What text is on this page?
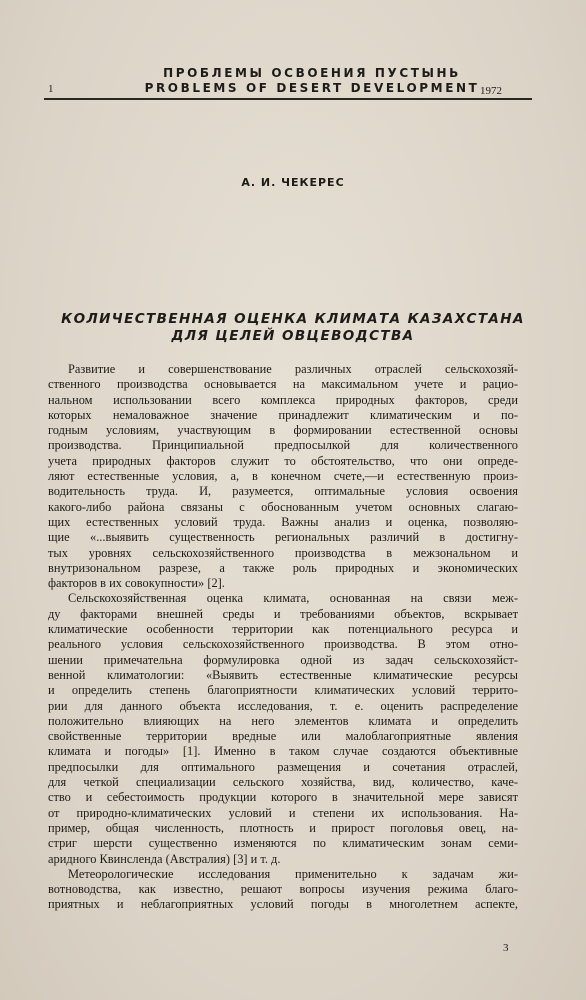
ПРОБЛЕМЫ ОСВОЕНИЯ ПУСТЫНЬ
1	PROBLEMS OF DESERT DEVELOPMENT 1972
А. И. ЧЕКЕРЕС
КОЛИЧЕСТВЕННАЯ ОЦЕНКА КЛИМАТА КАЗАХСТАНА
ДЛЯ ЦЕЛЕЙ ОВЦЕВОДСТВА
Развитие и совершенствование различных отраслей сельскохозяй-
ственного производства основывается на максимальном учете и рацио-
нальном использовании всего комплекса природных факторов, среди
которых немаловажное значение принадлежит климатическим и по-
годным условиям, участвующим в формировании естественной основы
производства. Принципиальной предпосылкой для количественного
учета природных факторов служит то обстоятельство, что они опреде-
ляют естественные условия, а, в конечном счете,—и естественную произ-
водительность труда. И, разумеется, оптимальные условия освоения
какого-либо района связаны с обоснованным учетом основных слагаю-
щих естественных условий труда. Важны анализ и оценка, позволяю-
щие «...выявить существенность региональных различий в достигну-
тых уровнях сельскохозяйственного производства в межзональном и
внутризональном разрезе, а также роль природных и экономических
факторов в их совокупности» [2].
Сельскохозяйственная оценка климата, основанная на связи меж-
ду факторами внешней среды и требованиями объектов, вскрывает
климатические особенности территории как потенциального ресурса и
реального условия сельскохозяйственного производства. В этом отно-
шении примечательна формулировка одной из задач сельскохозяйст-
венной климатологии: «Выявить естественные климатические ресурсы
и определить степень благоприятности климатических условий террито-
рии для данного объекта исследования, т. е. оценить распределение
положительно влияющих на него элементов климата и определить
свойственные территории вредные или малоблагоприятные явления
климата и погоды» [1]. Именно в таком случае создаются объективные
предпосылки для оптимального размещения и сочетания отраслей,
для четкой специализации сельского хозяйства, вид, количество, каче-
ство и себестоимость продукции которого в значительной мере зависят
от природно-климатических условий и степени их использования. На-
пример, общая численность, плотность и прирост поголовья овец, на-
стриг шерсти существенно изменяются по климатическим зонам семи-
аридного Квинсленда (Австралия) [3] и т. д.
Метеорологические исследования применительно к задачам жи-
вотноводства, как известно, решают вопросы изучения режима благо-
приятных и неблагоприятных условий погоды в многолетнем аспекте,
3
